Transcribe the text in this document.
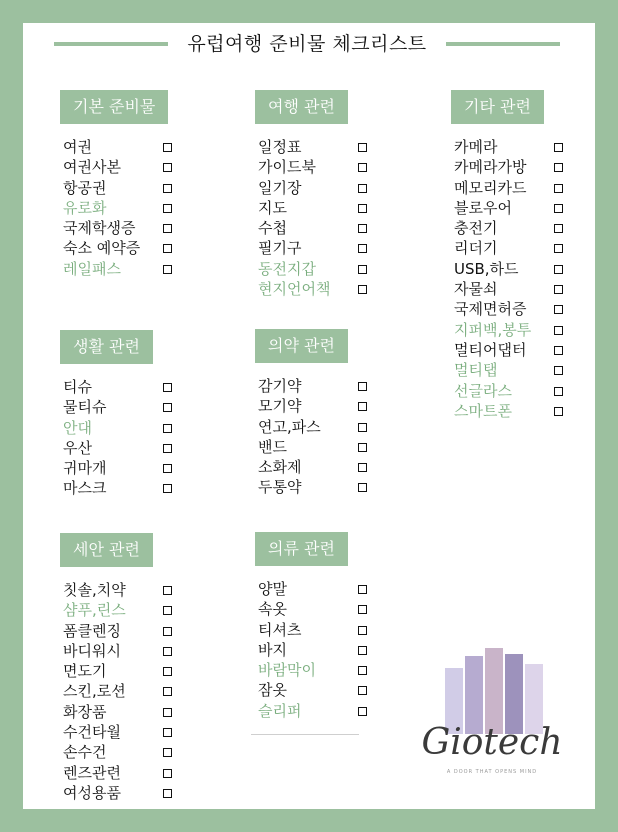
유럽여행 준비물 체크리스트
기본 준비물
여권
여권사본
항공권
유로화
국제학생증
숙소 예약증
레일패스
여행 관련
일정표
가이드북
일기장
지도
수첩
필기구
동전지갑
현지언어책
기타 관련
카메라
카메라가방
메모리카드
블로우어
충전기
리더기
USB,하드
자물쇠
국제면허증
지퍼백,봉투
멀티어댑터
멀티탭
선글라스
스마트폰
생활 관련
티슈
물티슈
안대
우산
귀마개
마스크
의약 관련
감기약
모기약
연고,파스
밴드
소화제
두통약
세안 관련
칫솔,치약
샴푸,린스
폼클렌징
바디워시
면도기
스킨,로션
화장품
수건타월
손수건
렌즈관련
여성용품
의류 관련
양말
속옷
티셔츠
바지
바람막이
잠옷
슬리퍼
Giotech
A DOOR THAT OPENS MIND
